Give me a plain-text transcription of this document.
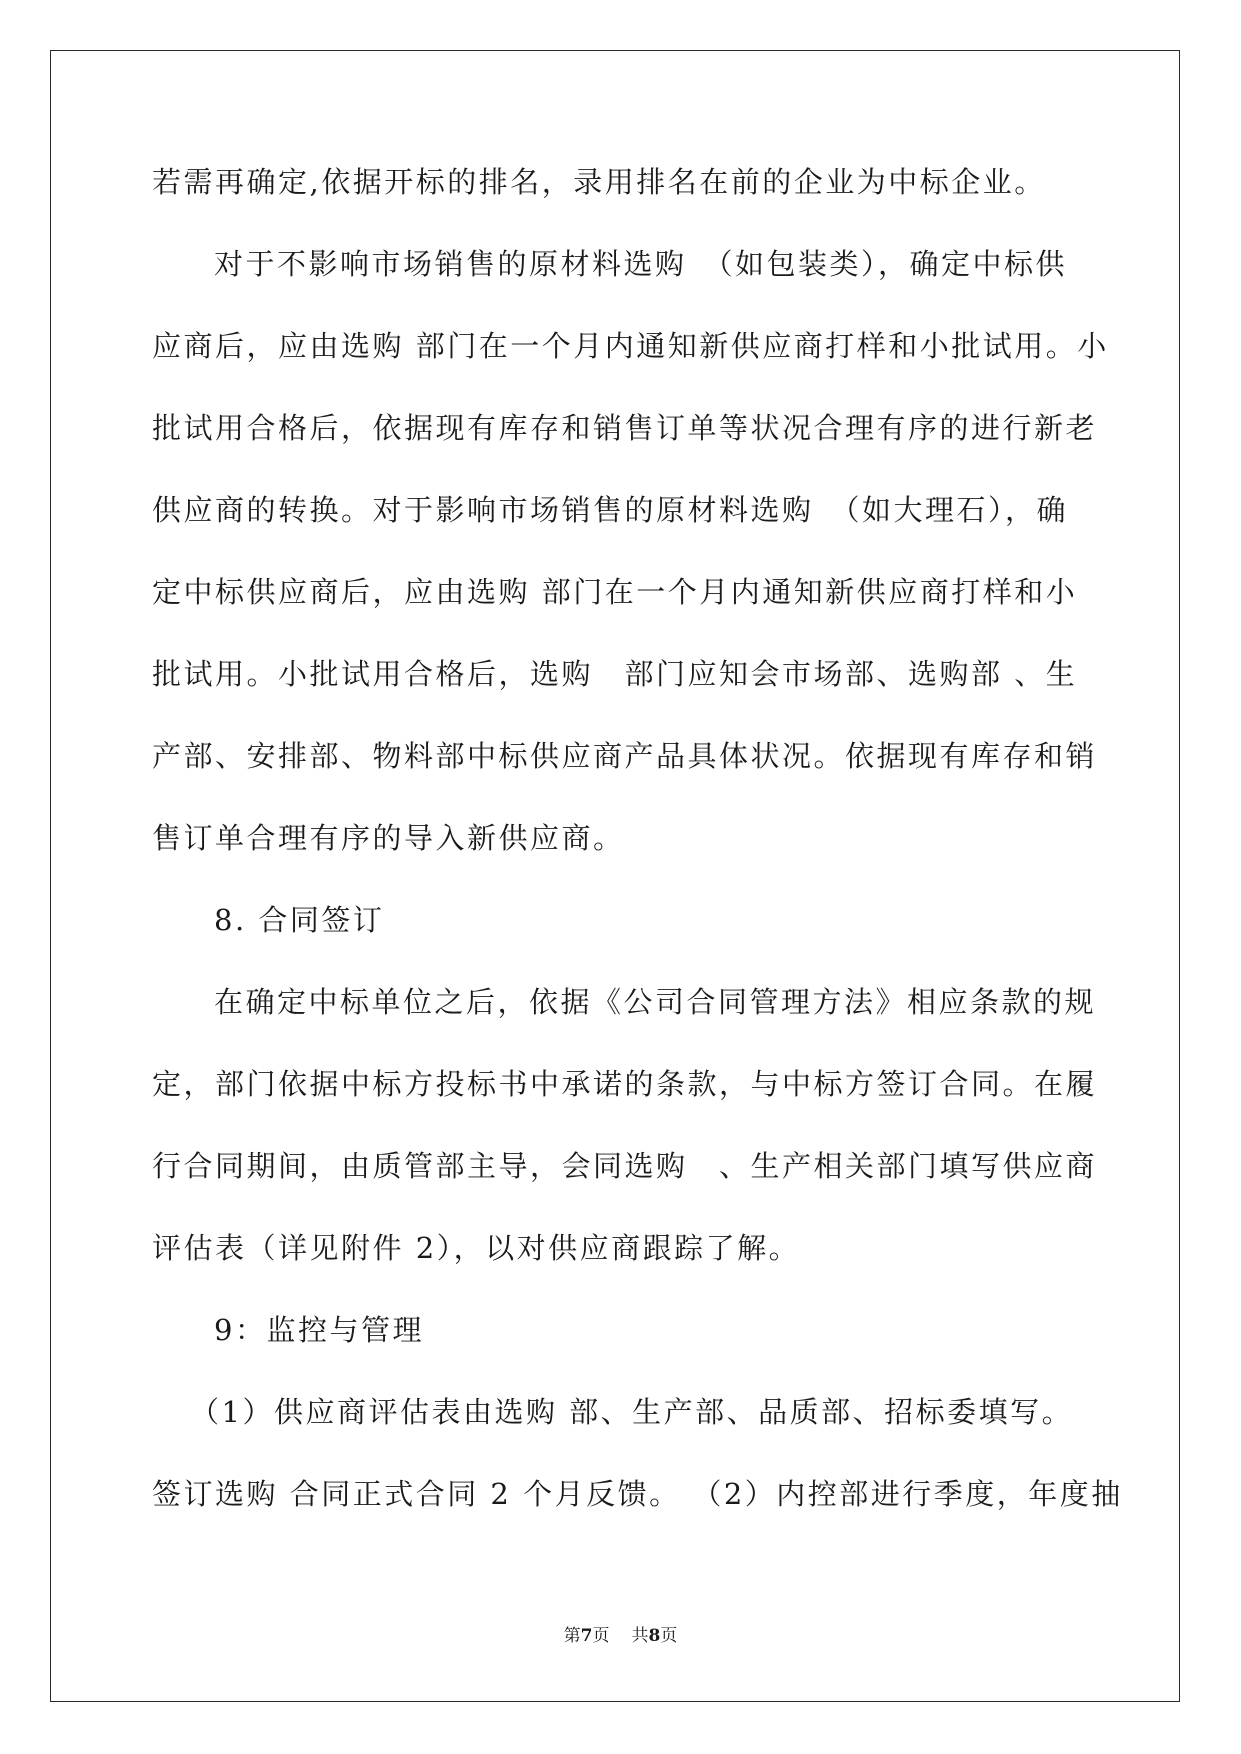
若需再确定,依据开标的排名，录用排名在前的企业为中标企业。
对于不影响市场销售的原材料选购　（如包装类），确定中标供
应商后，应由选购 部门在一个月内通知新供应商打样和小批试用。小
批试用合格后，依据现有库存和销售订单等状况合理有序的进行新老
供应商的转换。对于影响市场销售的原材料选购　（如大理石），确
定中标供应商后，应由选购 部门在一个月内通知新供应商打样和小
批试用。小批试用合格后，选购　部门应知会市场部、选购部 、生
产部、安排部、物料部中标供应商产品具体状况。依据现有库存和销
售订单合理有序的导入新供应商。
8. 合同签订
在确定中标单位之后，依据《公司合同管理方法》相应条款的规
定，部门依据中标方投标书中承诺的条款，与中标方签订合同。在履
行合同期间，由质管部主导，会同选购　、生产相关部门填写供应商
评估表（详见附件 2），以对供应商跟踪了解。
9：监控与管理
（1）供应商评估表由选购 部、生产部、品质部、招标委填写。
签订选购 合同正式合同 2 个月反馈。 （2）内控部进行季度，年度抽
第7页 共8页
